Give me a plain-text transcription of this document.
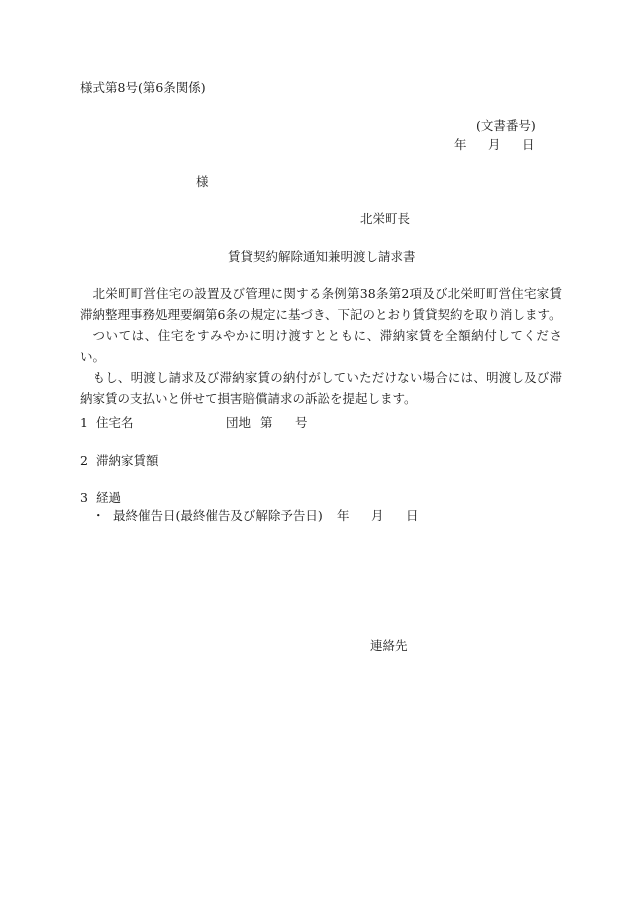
様式第8号(第6条関係)
(文書番号)
年 月 日
様
北栄町長
賃貸契約解除通知兼明渡し請求書

北栄町町営住宅の設置及び管理に関する条例第38条第2項及び北栄町町営住宅家賃滞納整理事務処理要綱第6条の規定に基づき、下記のとおり賃貸契約を取り消します。

ついては、住宅をすみやかに明け渡すとともに、滞納家賃を全額納付してください。

もし、明渡し請求及び滞納家賃の納付がしていただけない場合には、明渡し及び滞納家賃の支払いと併せて損害賠償請求の訴訟を提起します。

1 住宅名	団地 第 号
2 滞納家賃額
3 経過
・ 最終催告日(最終催告及び解除予告日) 年 月 日
連絡先
